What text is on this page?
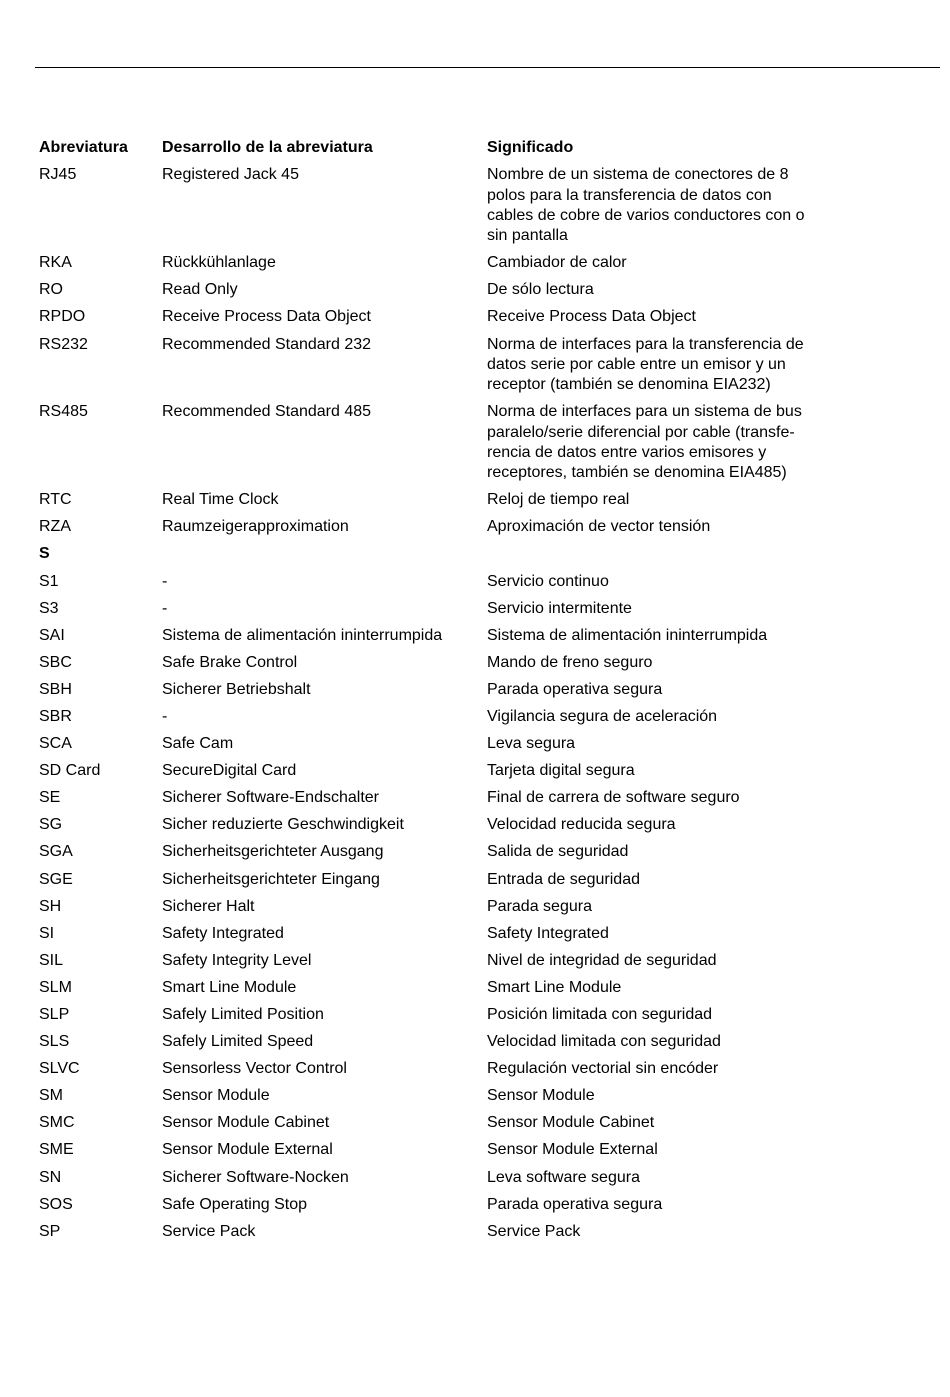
Abreviatura	Desarrollo de la abreviatura	Significado
RJ45	Registered Jack 45	Nombre de un sistema de conectores de 8
polos para la transferencia de datos con
cables de cobre de varios conductores con o
sin pantalla

RKA	Rückkühlanlage	Cambiador de calor

RO	Read Only	De sólo lectura

RPDO	Receive Process Data Object	Receive Process Data Object

RS232	Recommended Standard 232	Norma de interfaces para la transferencia de
datos serie por cable entre un emisor y un
receptor (también se denomina EIA232)

RS485	Recommended Standard 485	Norma de interfaces para un sistema de bus
paralelo/serie diferencial por cable (transfe-
rencia de datos entre varios emisores y
receptores, también se denomina EIA485)

RTC	Real Time Clock	Reloj de tiempo real

RZA	Raumzeigerapproximation	Aproximación de vector tensión

S		
S1	-	Servicio continuo

S3	-	Servicio intermitente

SAI	Sistema de alimentación ininterrumpida	Sistema de alimentación ininterrumpida

SBC	Safe Brake Control	Mando de freno seguro

SBH	Sicherer Betriebshalt	Parada operativa segura

SBR	-	Vigilancia segura de aceleración

SCA	Safe Cam	Leva segura

SD Card	SecureDigital Card	Tarjeta digital segura

SE	Sicherer Software-Endschalter	Final de carrera de software seguro

SG	Sicher reduzierte Geschwindigkeit	Velocidad reducida segura

SGA	Sicherheitsgerichteter Ausgang	Salida de seguridad

SGE	Sicherheitsgerichteter Eingang	Entrada de seguridad

SH	Sicherer Halt	Parada segura

SI	Safety Integrated	Safety Integrated

SIL	Safety Integrity Level	Nivel de integridad de seguridad

SLM	Smart Line Module	Smart Line Module

SLP	Safely Limited Position	Posición limitada con seguridad

SLS	Safely Limited Speed	Velocidad limitada con seguridad

SLVC	Sensorless Vector Control	Regulación vectorial sin encóder

SM	Sensor Module	Sensor Module

SMC	Sensor Module Cabinet	Sensor Module Cabinet

SME	Sensor Module External	Sensor Module External

SN	Sicherer Software-Nocken	Leva software segura

SOS	Safe Operating Stop	Parada operativa segura

SP	Service Pack	Service Pack
